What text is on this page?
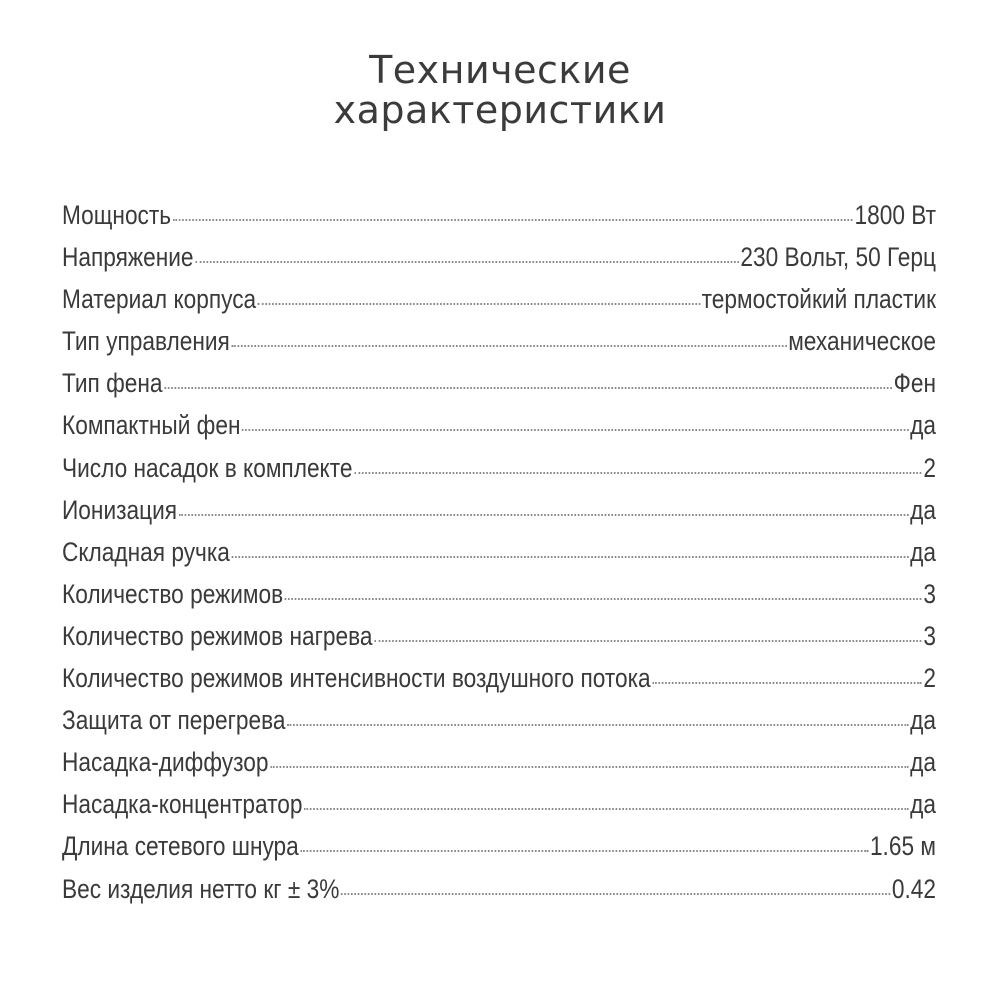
Технические
характеристики
Мощность	1800 Вт
Напряжение	230 Вольт, 50 Герц
Материал корпуса	термостойкий пластик
Тип управления	механическое
Тип фена	Фен
Компактный фен	да
Число насадок в комплекте	2
Ионизация	да
Складная ручка	да
Количество режимов	3
Количество режимов нагрева	3
Количество режимов интенсивности воздушного потока	2
Защита от перегрева	да
Насадка-диффузор	да
Насадка-концентратор	да
Длина сетевого шнура	1.65 м
Вес изделия нетто кг ± 3%	0.42
